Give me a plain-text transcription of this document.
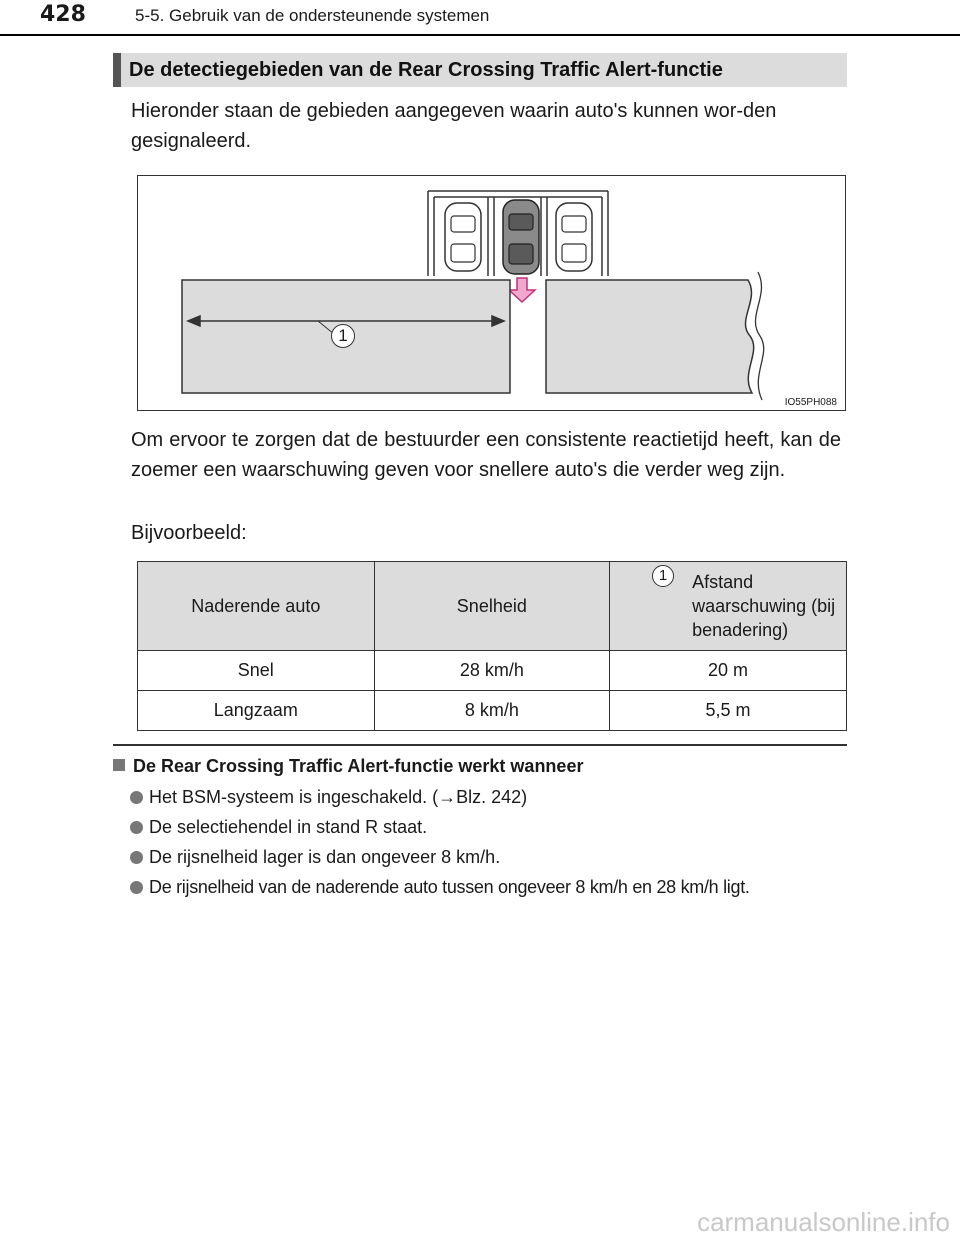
428	5-5. Gebruik van de ondersteunende systemen
De detectiegebieden van de Rear Crossing Traffic Alert-functie
Hieronder staan de gebieden aangegeven waarin auto's kunnen wor-den gesignaleerd.
1
IO55PH088
Om ervoor te zorgen dat de bestuurder een consistente reactietijd heeft, kan de zoemer een waarschuwing geven voor snellere auto's die verder weg zijn.
Bijvoorbeeld:
Naderende auto	Snelheid	1 Afstand waarschuwing (bij benadering)
Snel	28 km/h	20 m
Langzaam	8 km/h	5,5 m
De Rear Crossing Traffic Alert-functie werkt wanneer
Het BSM-systeem is ingeschakeld. (→Blz. 242)
De selectiehendel in stand R staat.
De rijsnelheid lager is dan ongeveer 8 km/h.
De rijsnelheid van de naderende auto tussen ongeveer 8 km/h en 28 km/h ligt.
carmanualsonline.info
